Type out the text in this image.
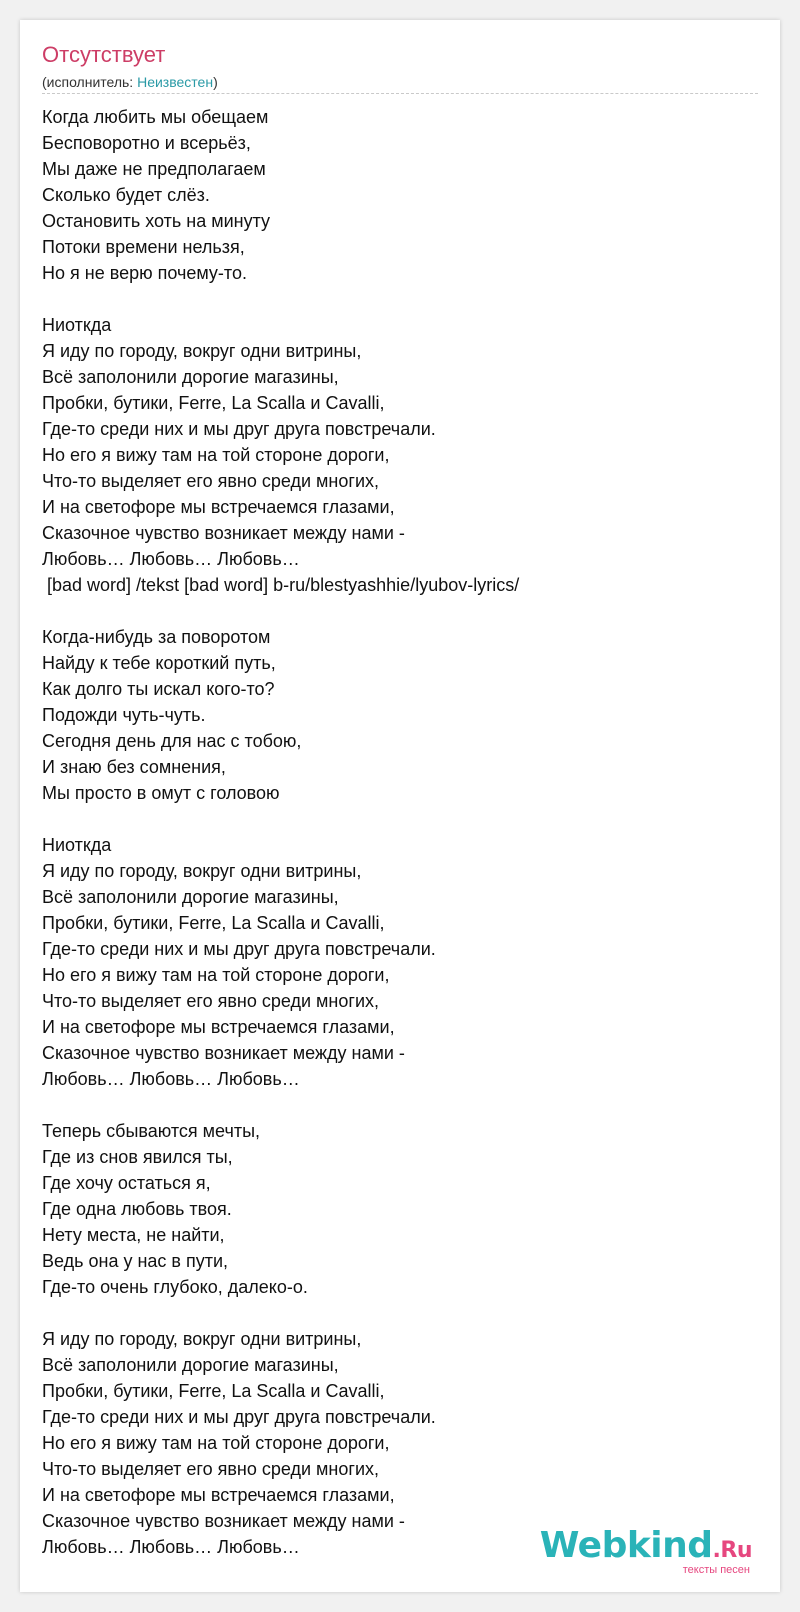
Отсутствует
(исполнитель: Неизвестен)
Когда любить мы обещаем
Бесповоротно и всерьёз,
Мы даже не предполагаем
Сколько будет слёз.
Остановить хоть на минуту
Потоки времени нельзя,
Но я не верю почему-то.
Ниоткда
Я иду по городу, вокруг одни витрины,
Всё заполонили дорогие магазины,
Пробки, бутики, Ferre, La Scalla и Cavalli,
Где-то среди них и мы друг друга повстречали.
Но его я вижу там на той стороне дороги,
Что-то выделяет его явно среди многих,
И на светофоре мы встречаемся глазами,
Сказочное чувство возникает между нами -
Любовь… Любовь… Любовь…
[bad word] /tekst [bad word] b-ru/blestyashhie/lyubov-lyrics/
Когда-нибудь за поворотом
Найду к тебе короткий путь,
Как долго ты искал кого-то?
Подожди чуть-чуть.
Сегодня день для нас с тобою,
И знаю без сомнения,
Мы просто в омут с головою
Ниоткда
Я иду по городу, вокруг одни витрины,
Всё заполонили дорогие магазины,
Пробки, бутики, Ferre, La Scalla и Cavalli,
Где-то среди них и мы друг друга повстречали.
Но его я вижу там на той стороне дороги,
Что-то выделяет его явно среди многих,
И на светофоре мы встречаемся глазами,
Сказочное чувство возникает между нами -
Любовь… Любовь… Любовь…
Теперь сбываются мечты,
Где из снов явился ты,
Где хочу остаться я,
Где одна любовь твоя.
Нету места, не найти,
Ведь она у нас в пути,
Где-то очень глубоко, далеко-о.
Я иду по городу, вокруг одни витрины,
Всё заполонили дорогие магазины,
Пробки, бутики, Ferre, La Scalla и Cavalli,
Где-то среди них и мы друг друга повстречали.
Но его я вижу там на той стороне дороги,
Что-то выделяет его явно среди многих,
И на светофоре мы встречаемся глазами,
Сказочное чувство возникает между нами -
Любовь… Любовь… Любовь…	Webkind.Ru
тексты песен
